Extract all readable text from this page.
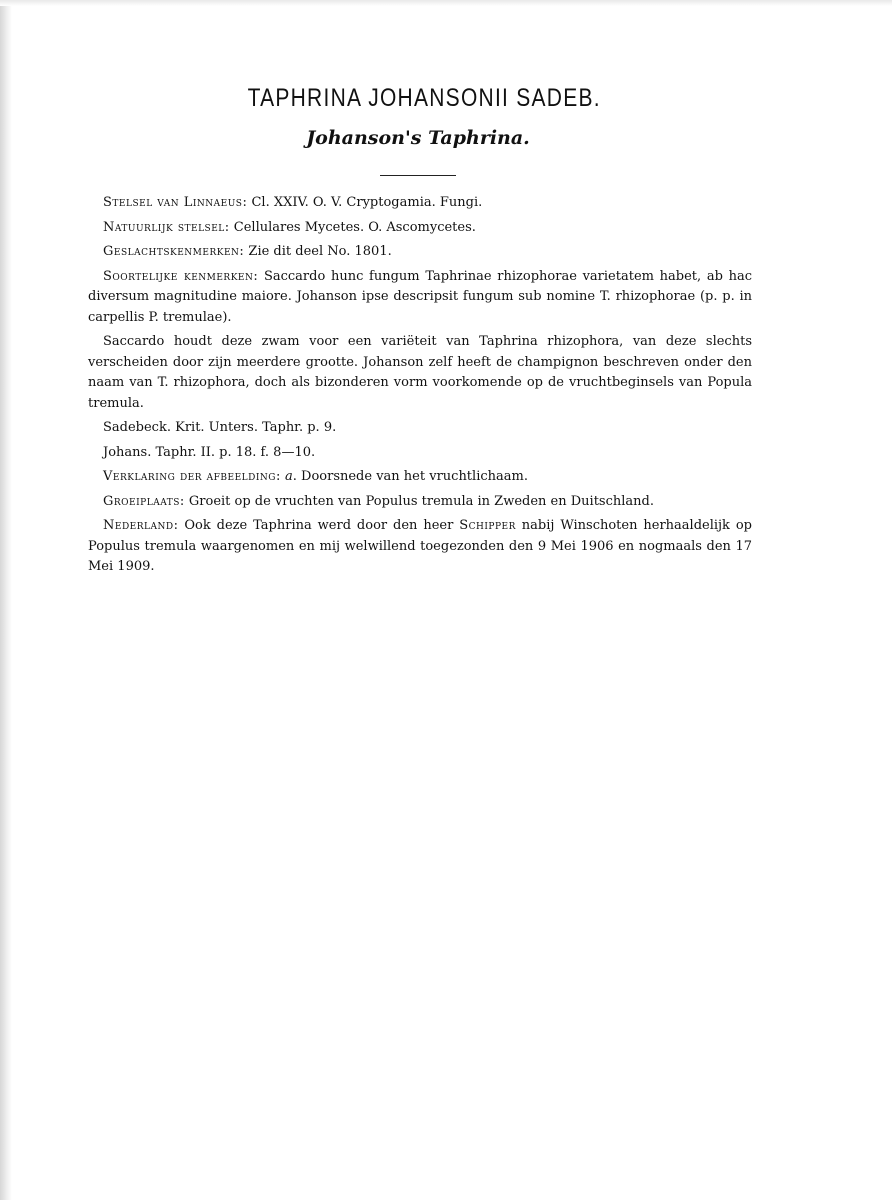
TAPHRINA JOHANSONII SADEB.
Johanson's Taphrina.

Stelsel van Linnaeus: Cl. XXIV. O. V. Cryptogamia. Fungi.

Natuurlijk stelsel: Cellulares Mycetes. O. Ascomycetes.

Geslachtskenmerken: Zie dit deel No. 1801.

Soortelijke kenmerken: Saccardo hunc fungum Taphrinae rhizophorae varietatem habet, ab hac diversum magnitudine maiore. Johanson ipse descripsit fungum sub nomine T. rhizophorae (p. p. in carpellis P. tremulae).

Saccardo houdt deze zwam voor een variëteit van Taphrina rhizophora, van deze slechts verscheiden door zijn meerdere grootte. Johanson zelf heeft de champignon beschreven onder den naam van T. rhizophora, doch als bizonderen vorm voorkomende op de vruchtbeginsels van Popula tremula.

Sadebeck. Krit. Unters. Taphr. p. 9.

Johans. Taphr. II. p. 18. f. 8—10.

Verklaring der afbeelding: a. Doorsnede van het vruchtlichaam.

Groeiplaats: Groeit op de vruchten van Populus tremula in Zweden en Duitschland.

Nederland: Ook deze Taphrina werd door den heer Schipper nabij Winschoten herhaaldelijk op Populus tremula waargenomen en mij welwillend toegezonden den 9 Mei 1906 en nogmaals den 17 Mei 1909.
